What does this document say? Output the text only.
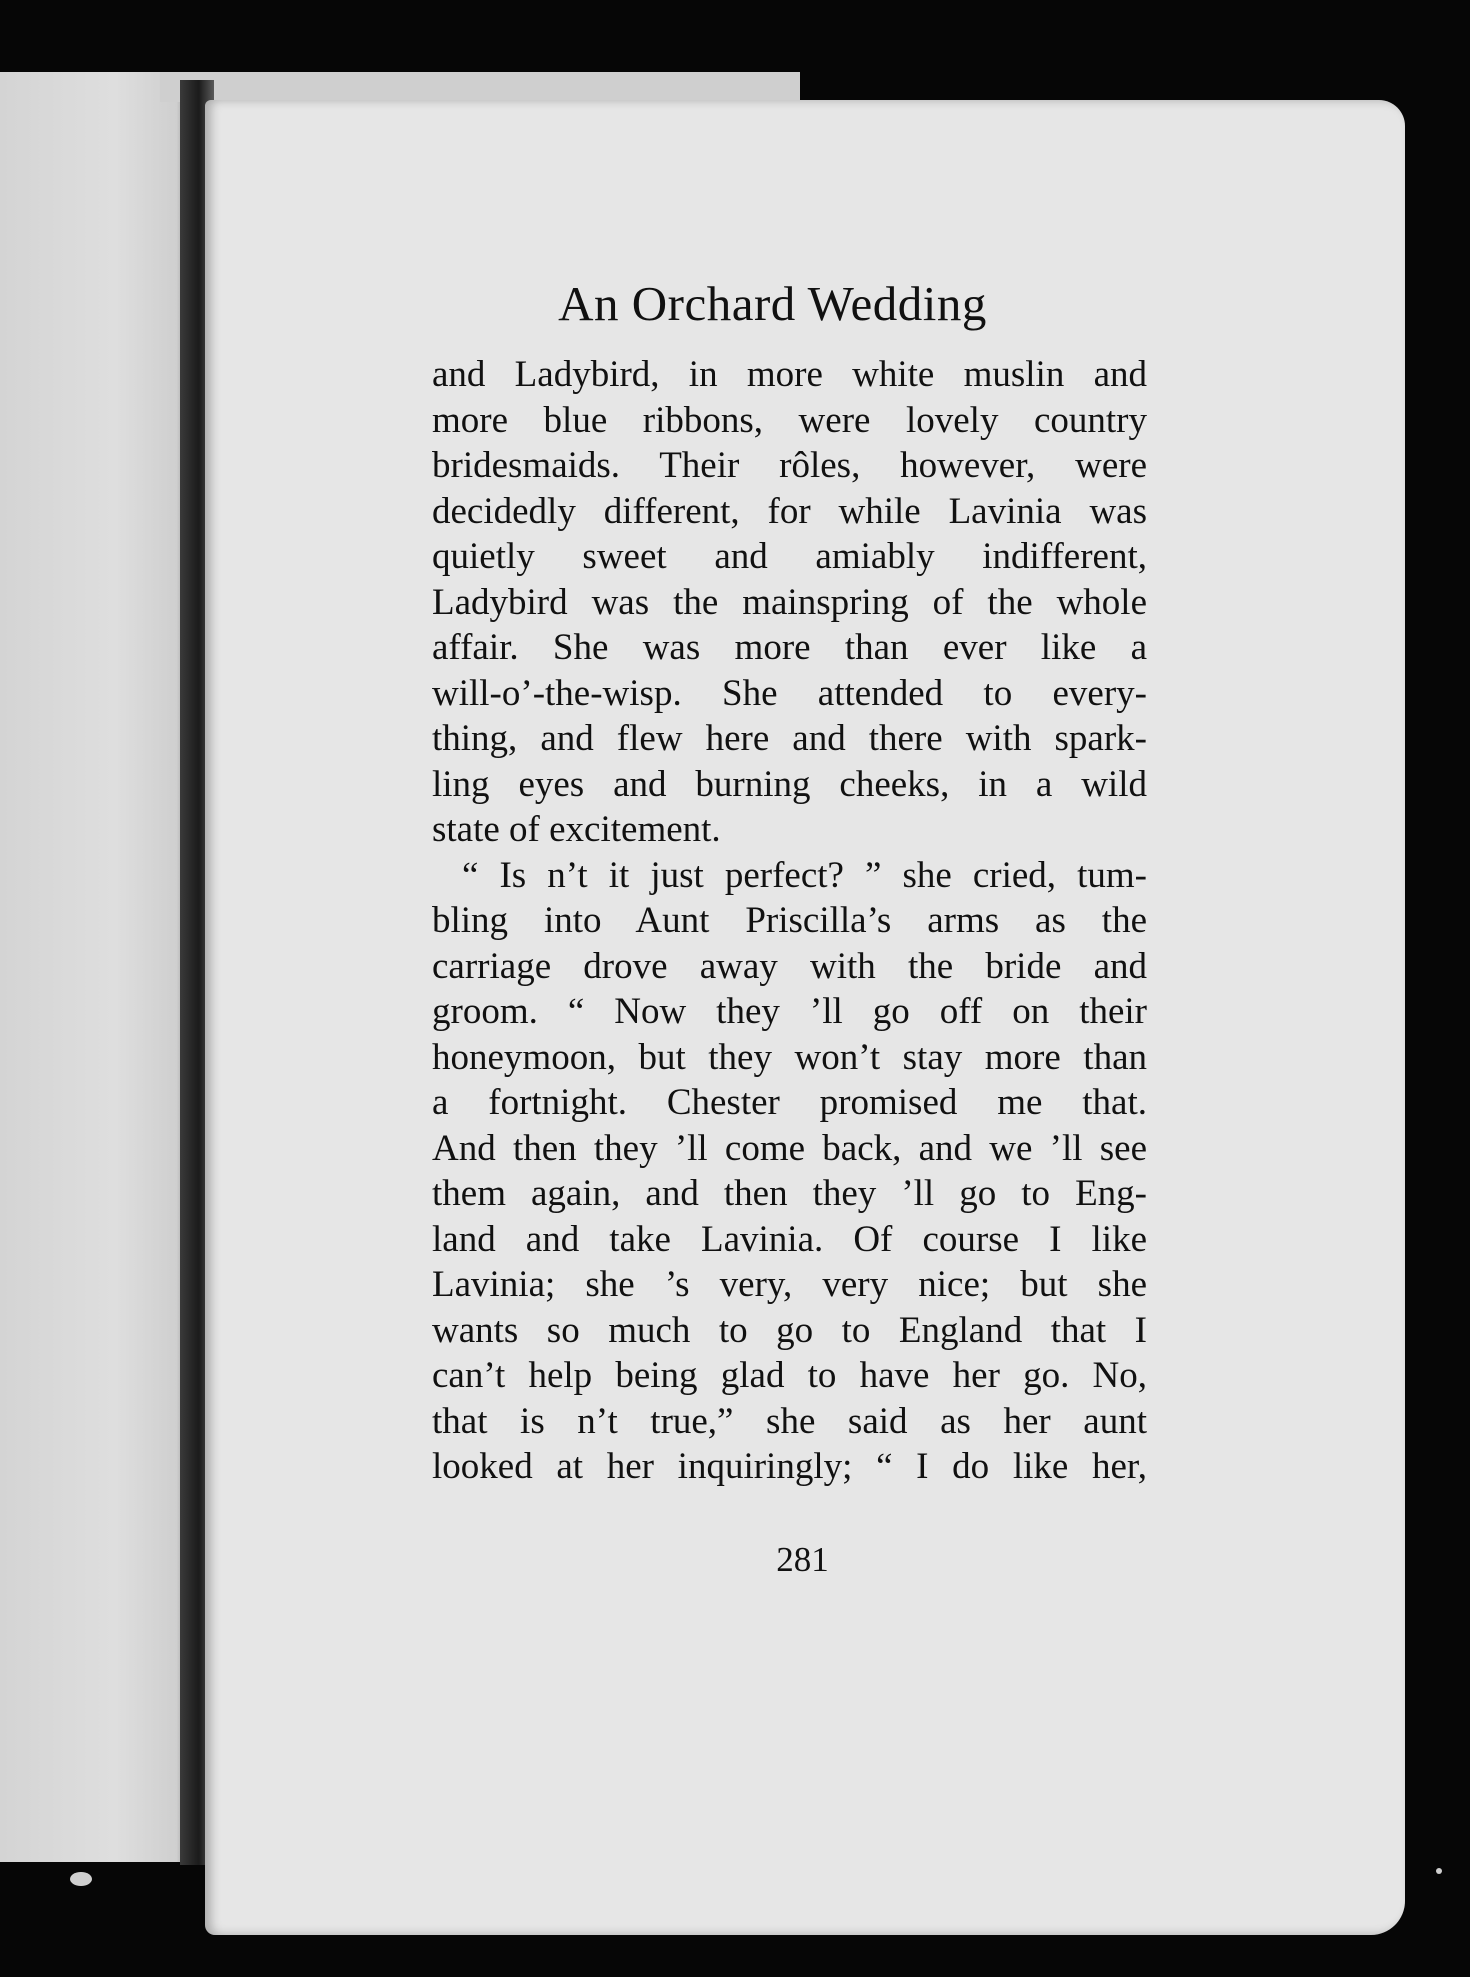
An Orchard Wedding
and Ladybird, in more white muslin and
more blue ribbons, were lovely country
bridesmaids. Their rôles, however, were
decidedly different, for while Lavinia was
quietly sweet and amiably indifferent,
Ladybird was the mainspring of the whole
affair. She was more than ever like a
will-o’-the-wisp. She attended to every-
thing, and flew here and there with spark-
ling eyes and burning cheeks, in a wild
state of excitement.
“ Is n’t it just perfect? ” she cried, tum-
bling into Aunt Priscilla’s arms as the
carriage drove away with the bride and
groom. “ Now they ’ll go off on their
honeymoon, but they won’t stay more than
a fortnight. Chester promised me that.
And then they ’ll come back, and we ’ll see
them again, and then they ’ll go to Eng-
land and take Lavinia. Of course I like
Lavinia; she ’s very, very nice; but she
wants so much to go to England that I
can’t help being glad to have her go. No,
that is n’t true,” she said as her aunt
looked at her inquiringly; “ I do like her,
281
